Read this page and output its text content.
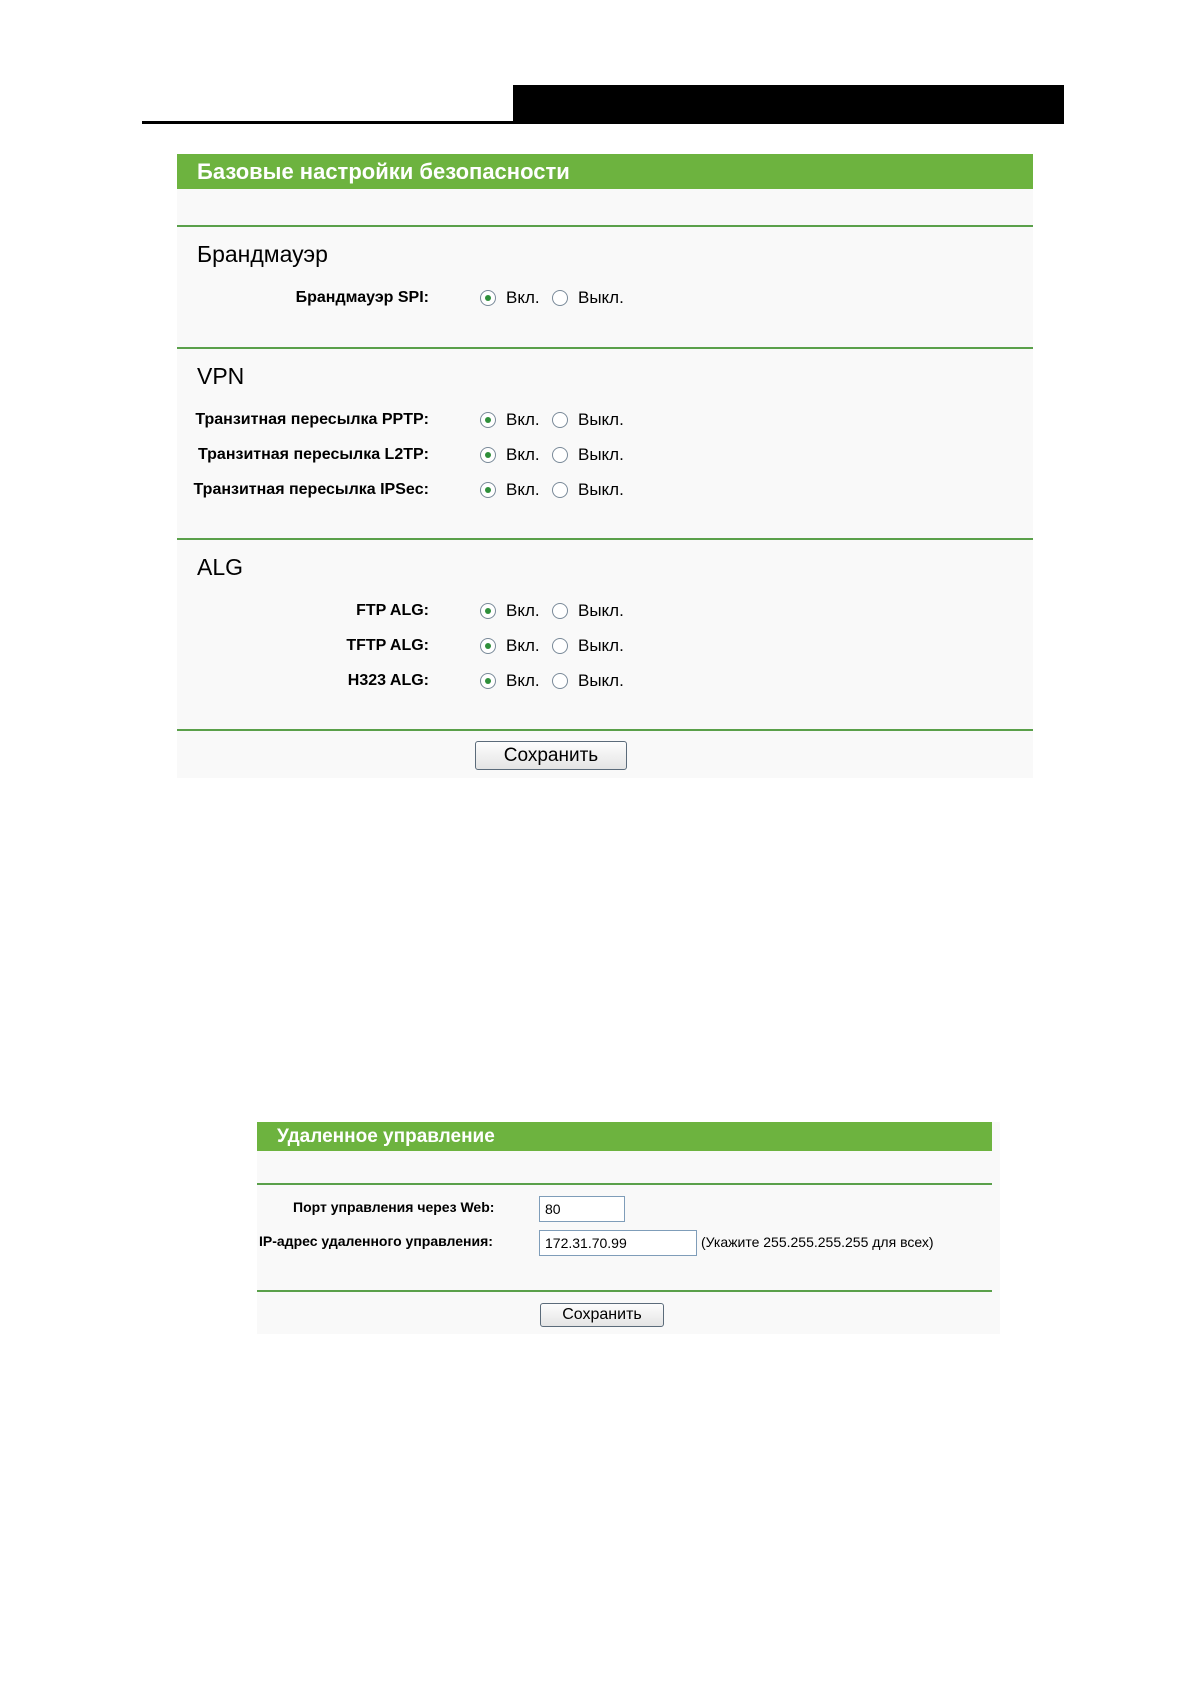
Базовые настройки безопасности
Брандмауэр
Брандмауэр SPI:	Вкл. Выкл.
VPN
Транзитная пересылка PPTP:	Вкл. Выкл.
Транзитная пересылка L2TP:	Вкл. Выкл.
Транзитная пересылка IPSec:	Вкл. Выкл.
ALG
FTP ALG:	Вкл. Выкл.
TFTP ALG:	Вкл. Выкл.
H323 ALG:	Вкл. Выкл.
Сохранить
Удаленное управление
Порт управления через Web:
80
IP-адрес удаленного управления:
172.31.70.99	(Укажите 255.255.255.255 для всех)
Сохранить
